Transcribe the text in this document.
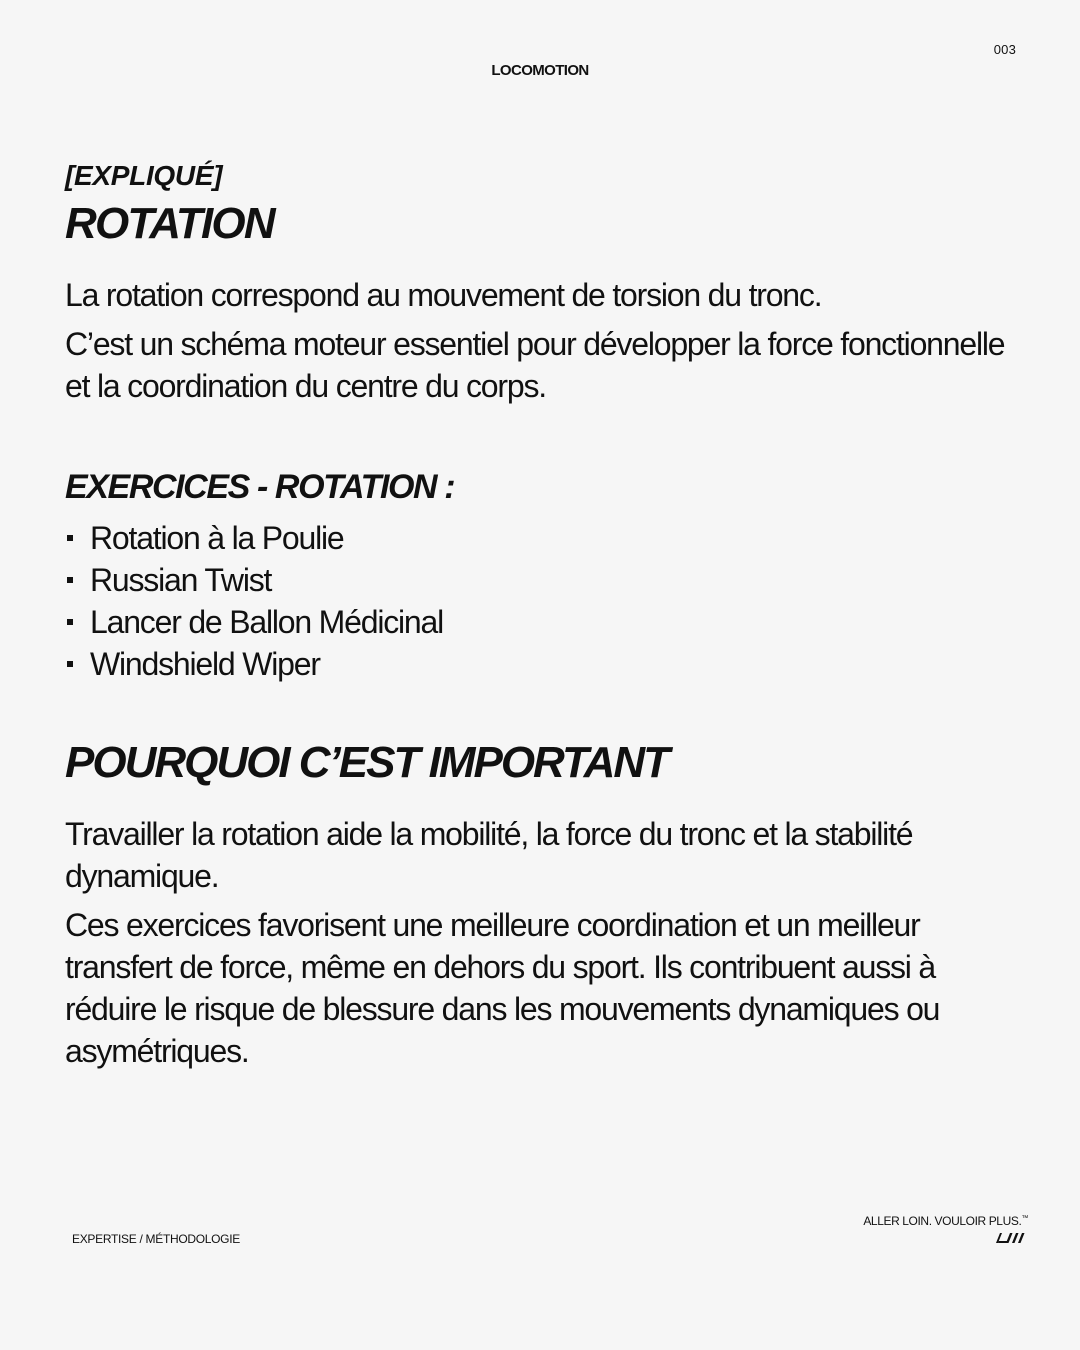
003
LOCOMOTION

[EXPLIQUÉ]

ROTATION

La rotation correspond au mouvement de torsion du tronc.

C’est un schéma moteur essentiel pour développer la force fonctionnelle et la coordination du centre du corps.

EXERCICES - ROTATION :
Rotation à la Poulie
Russian Twist
Lancer de Ballon Médicinal
Windshield Wiper
POURQUOI C’EST IMPORTANT

Travailler la rotation aide la mobilité, la force du tronc et la stabilité dynamique.

Ces exercices favorisent une meilleure coordination et un meilleur transfert de force, même en dehors du sport. Ils contribuent aussi à réduire le risque de blessure dans les mouvements dynamiques ou asymétriques.

EXPERTISE / MÉTHODOLOGIE
ALLER LOIN. VOULOIR PLUS.™
